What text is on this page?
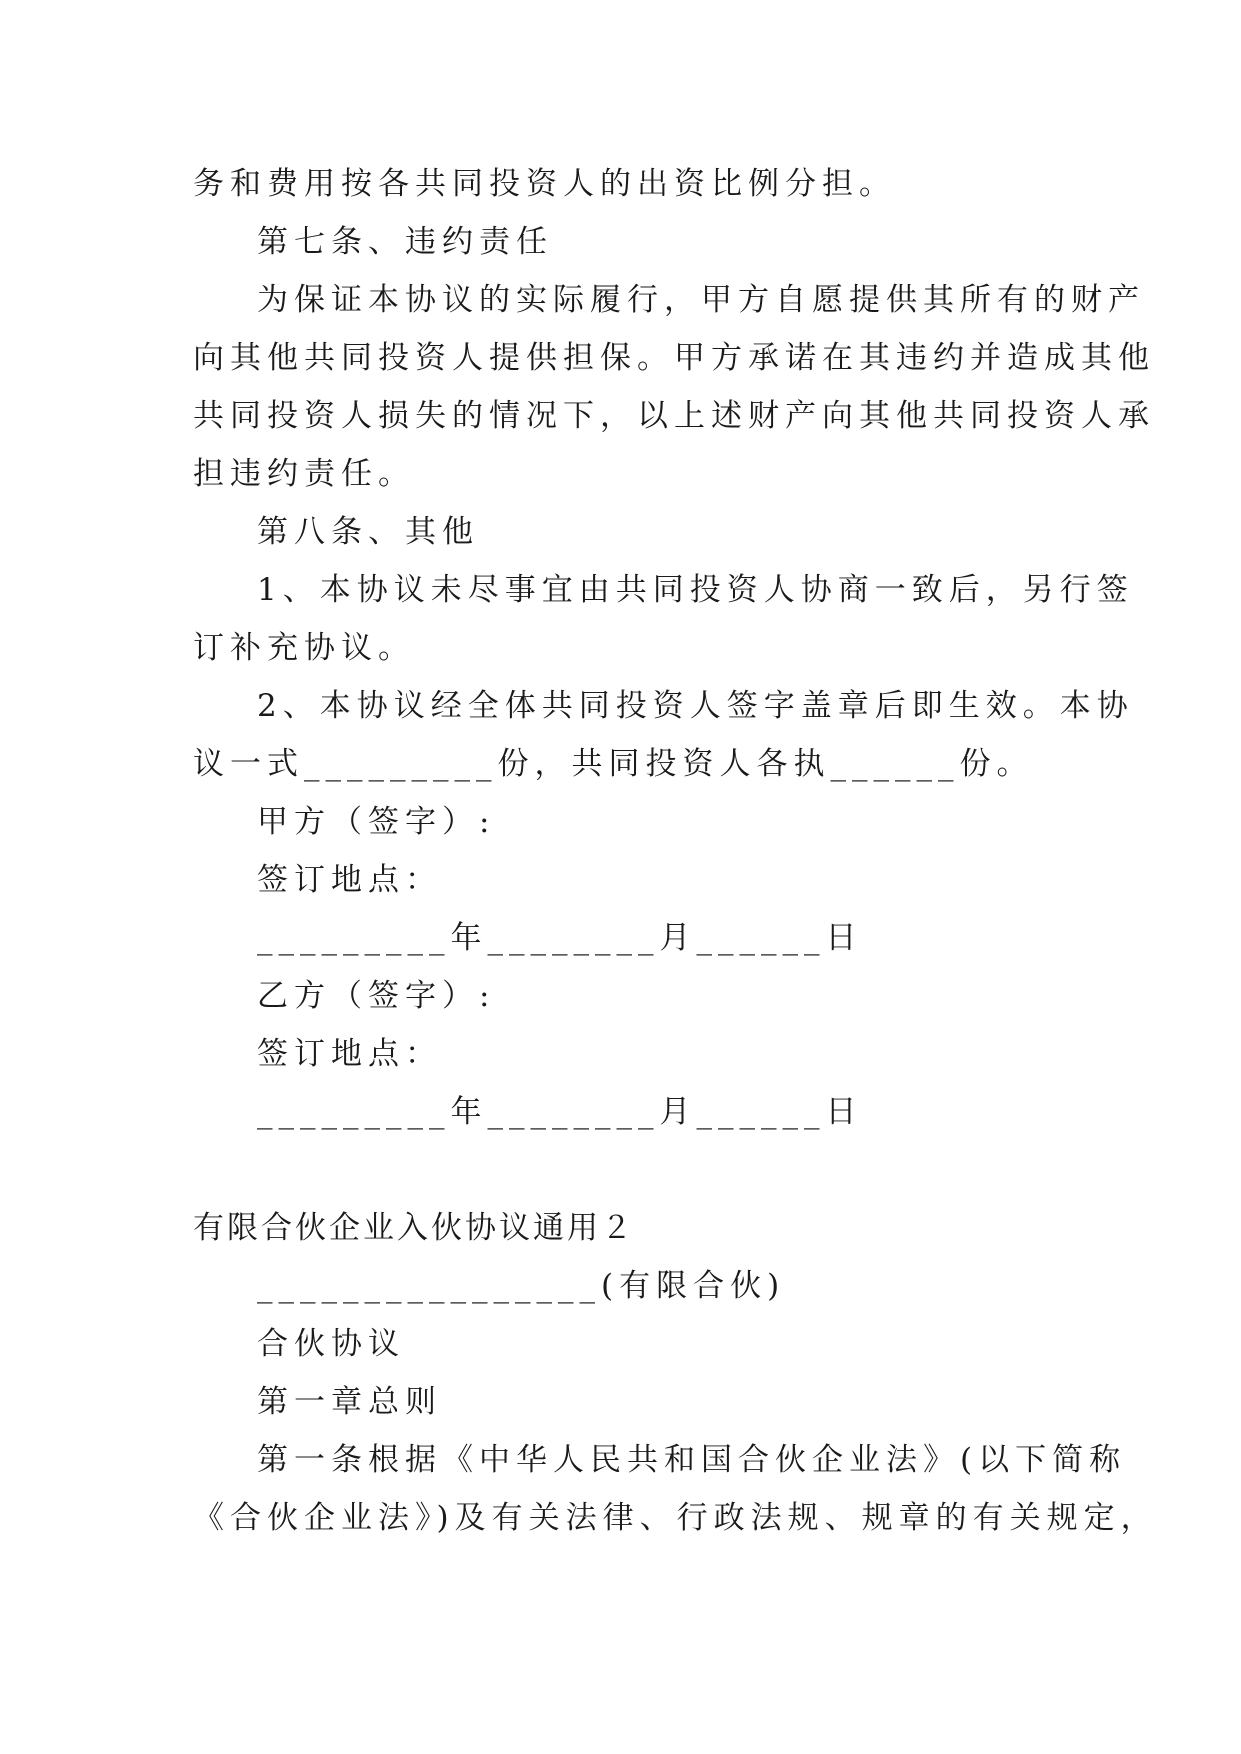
务和费用按各共同投资人的出资比例分担。

第七条、违约责任

为保证本协议的实际履行，甲方自愿提供其所有的财产

向其他共同投资人提供担保。甲方承诺在其违约并造成其他

共同投资人损失的情况下，以上述财产向其他共同投资人承

担违约责任。

第八条、其他

1、本协议未尽事宜由共同投资人协商一致后，另行签

订补充协议。

2、本协议经全体共同投资人签字盖章后即生效。本协

议一式_________份，共同投资人各执______份。

甲方（签字）:

签订地点：

_________年________月______日

乙方（签字）:

签订地点：

_________年________月______日

有限合伙企业入伙协议通用２

________________(有限合伙)

合伙协议

第一章总则

第一条根据《中华人民共和国合伙企业法》(以下简称

《合伙企业法》)及有关法律、行政法规、规章的有关规定，
